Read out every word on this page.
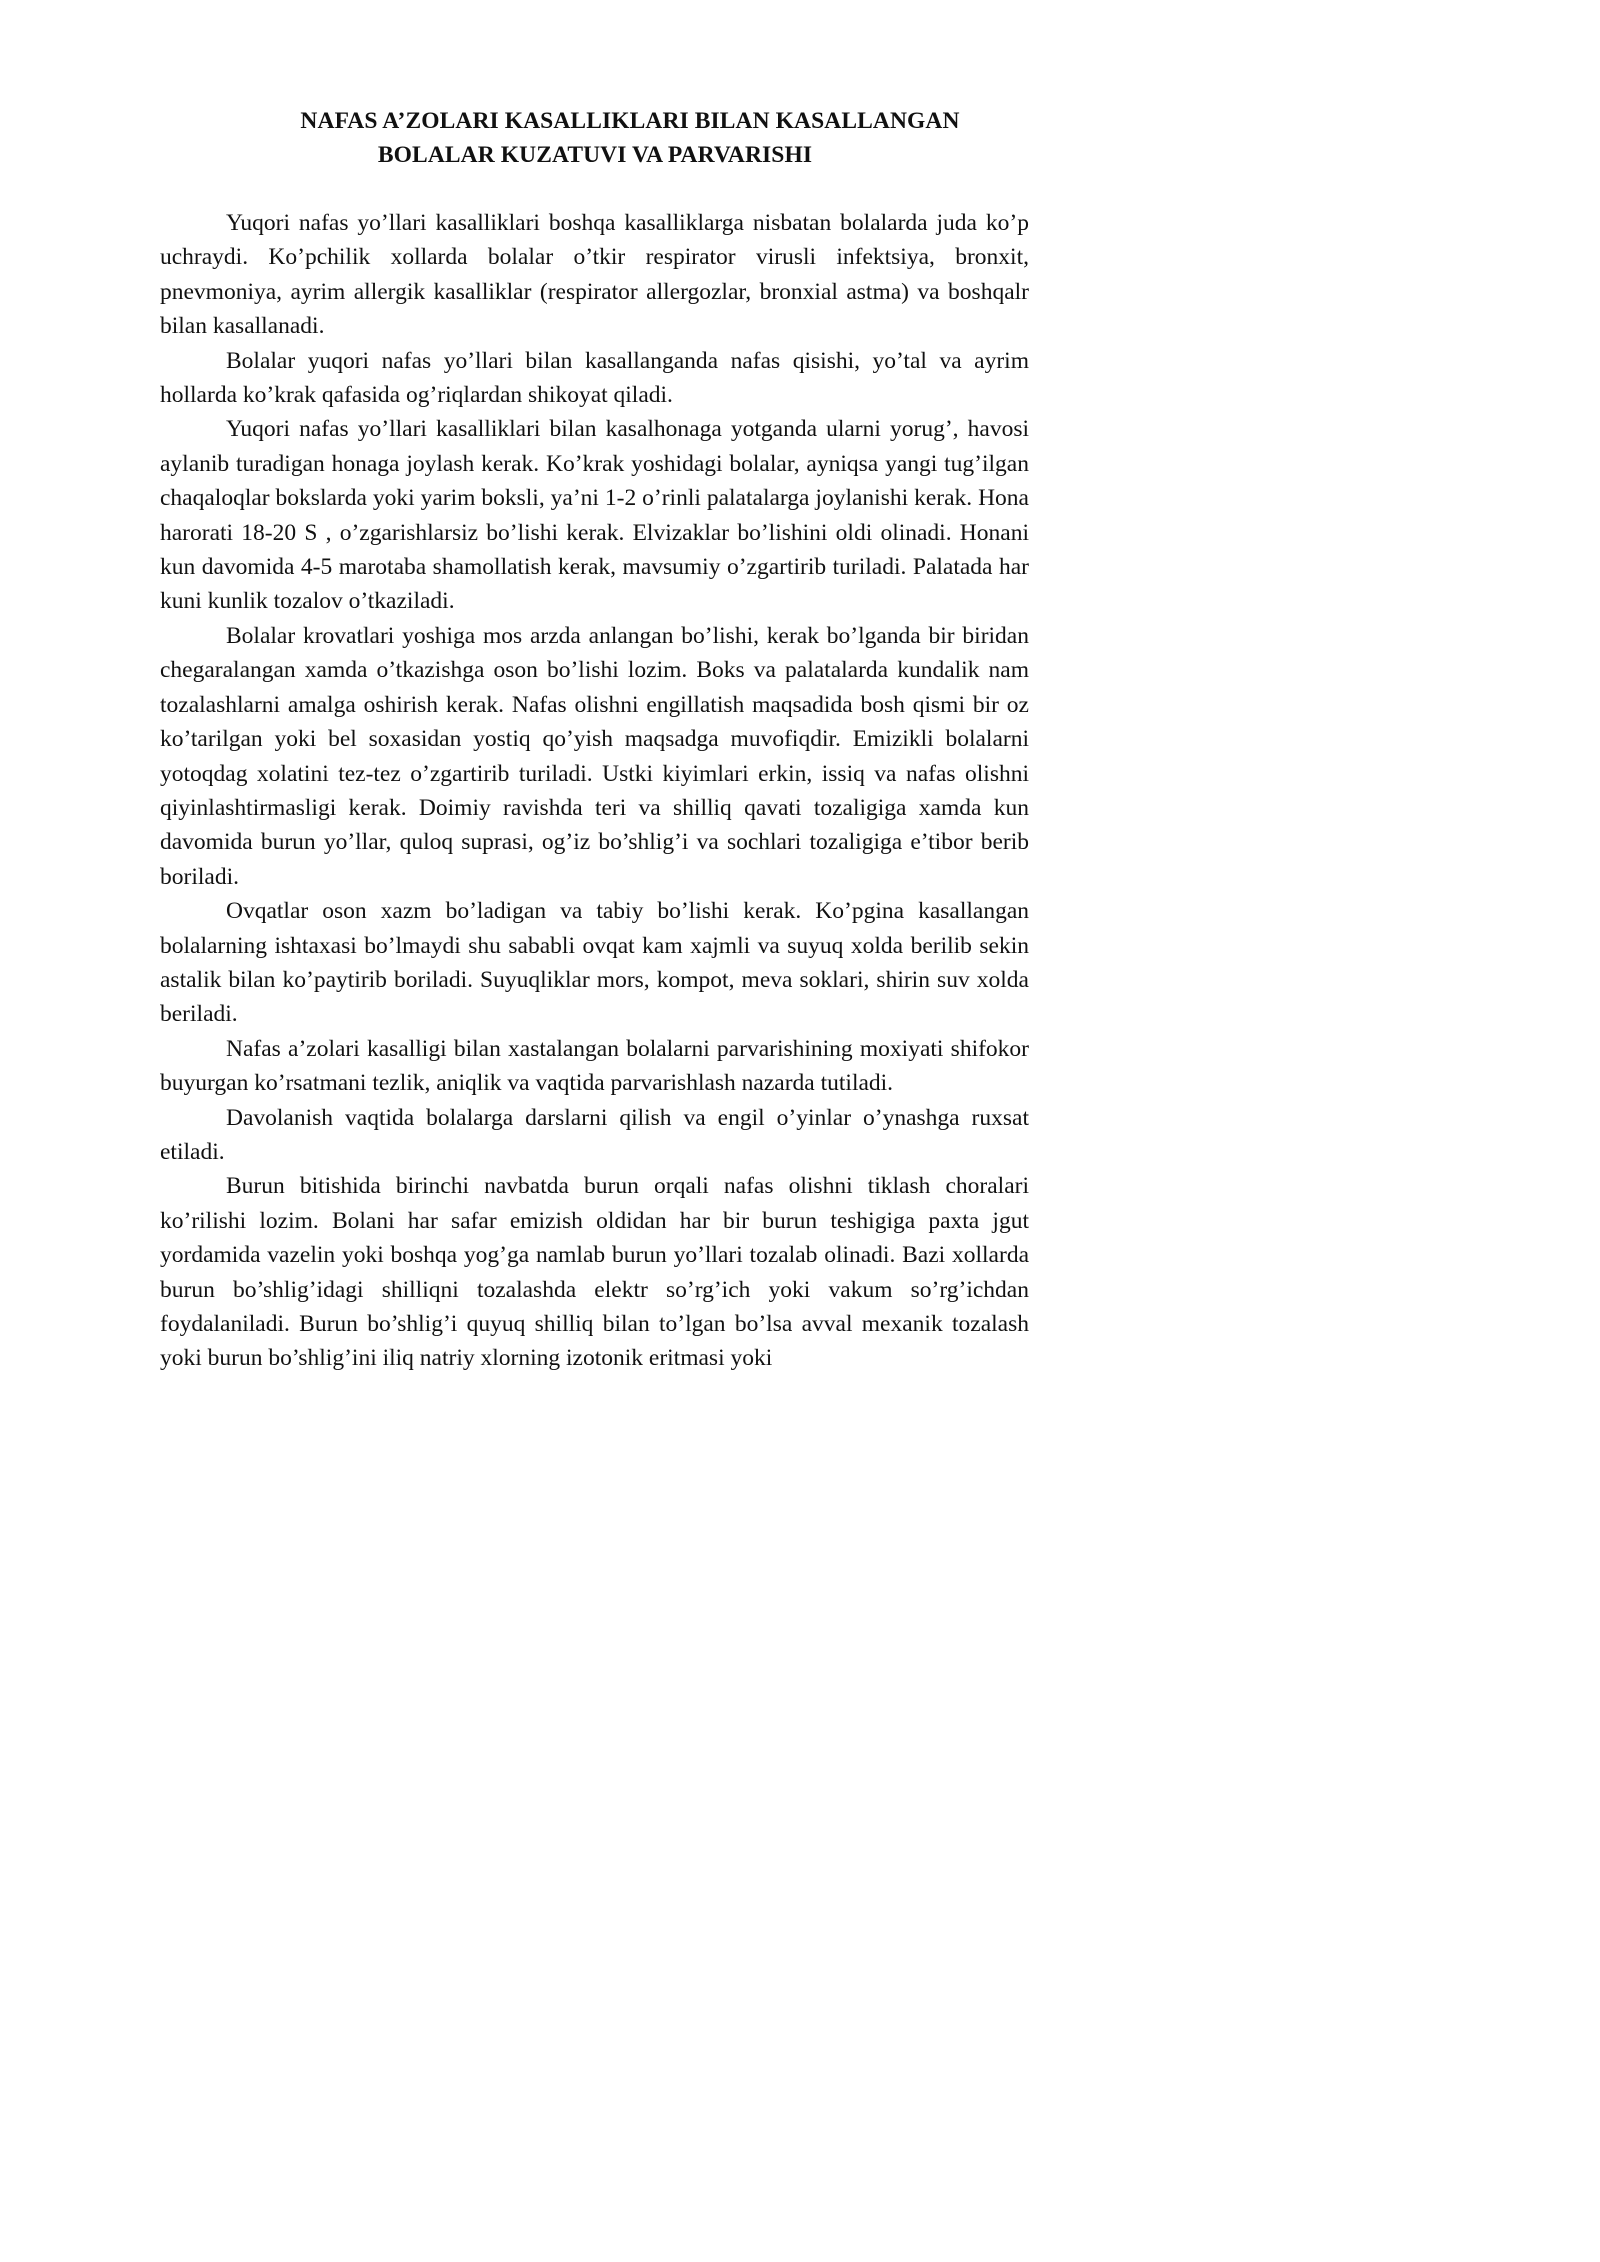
NAFAS A’ZOLARI KASALLIKLARI BILAN KASALLANGAN
BOLALAR KUZATUVI VA PARVARISHI

Yuqori nafas yo’llari kasalliklari boshqa kasalliklarga nisbatan bolalarda juda ko’p uchraydi. Ko’pchilik xollarda bolalar o’tkir respirator virusli infektsiya, bronxit, pnevmoniya, ayrim allergik kasalliklar (respirator allergozlar, bronxial astma) va boshqalr bilan kasallanadi.

Bolalar yuqori nafas yo’llari bilan kasallanganda nafas qisishi, yo’tal va ayrim hollarda ko’krak qafasida og’riqlardan shikoyat qiladi.

Yuqori nafas yo’llari kasalliklari bilan kasalhonaga yotganda ularni yorug’, havosi aylanib turadigan honaga joylash kerak. Ko’krak yoshidagi bolalar, ayniqsa yangi tug’ilgan chaqaloqlar bokslarda yoki yarim boksli, ya’ni 1-2 o’rinli palatalarga joylanishi kerak. Hona harorati 18-20 S , o’zgarishlarsiz bo’lishi kerak. Elvizaklar bo’lishini oldi olinadi. Honani kun davomida 4-5 marotaba shamollatish kerak, mavsumiy o’zgartirib turiladi. Palatada har kuni kunlik tozalov o’tkaziladi.

Bolalar krovatlari yoshiga mos arzda anlangan bo’lishi, kerak bo’lganda bir biridan chegaralangan xamda o’tkazishga oson bo’lishi lozim. Boks va palatalarda kundalik nam tozalashlarni amalga oshirish kerak. Nafas olishni engillatish maqsadida bosh qismi bir oz ko’tarilgan yoki bel soxasidan yostiq qo’yish maqsadga muvofiqdir. Emizikli bolalarni yotoqdag xolatini tez-tez o’zgartirib turiladi. Ustki kiyimlari erkin, issiq va nafas olishni qiyinlashtirmasligi kerak. Doimiy ravishda teri va shilliq qavati tozaligiga xamda kun davomida burun yo’llar, quloq suprasi, og’iz bo’shlig’i va sochlari tozaligiga e’tibor berib boriladi.

Ovqatlar oson xazm bo’ladigan va tabiy bo’lishi kerak. Ko’pgina kasallangan bolalarning ishtaxasi bo’lmaydi shu sababli ovqat kam xajmli va suyuq xolda berilib sekin astalik bilan ko’paytirib boriladi. Suyuqliklar mors, kompot, meva soklari, shirin suv xolda beriladi.

Nafas a’zolari kasalligi bilan xastalangan bolalarni parvarishining moxiyati shifokor buyurgan ko’rsatmani tezlik, aniqlik va vaqtida parvarishlash nazarda tutiladi.

Davolanish vaqtida bolalarga darslarni qilish va engil o’yinlar o’ynashga ruxsat etiladi.

Burun bitishida birinchi navbatda burun orqali nafas olishni tiklash choralari ko’rilishi lozim. Bolani har safar emizish oldidan har bir burun teshigiga paxta jgut yordamida vazelin yoki boshqa yog’ga namlab burun yo’llari tozalab olinadi. Bazi xollarda burun bo’shlig’idagi shilliqni tozalashda elektr so’rg’ich yoki vakum so’rg’ichdan foydalaniladi. Burun bo’shlig’i quyuq shilliq bilan to’lgan bo’lsa avval mexanik tozalash yoki burun bo’shlig’ini iliq natriy xlorning izotonik eritmasi yoki
